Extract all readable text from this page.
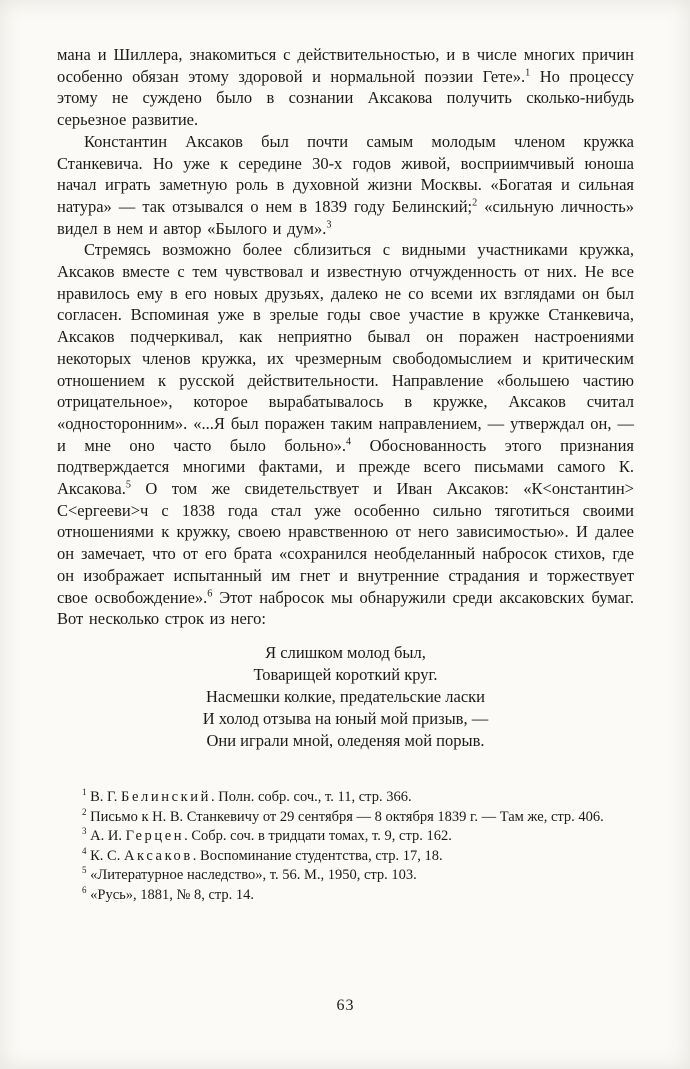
мана и Шиллера, знакомиться с действительностью, и в числе многих причин особенно обязан этому здоровой и нормальной поэзии Гете».$^1$ Но процессу этому не суждено было в сознании Аксакова получить сколько-нибудь серьезное развитие.

Константин Аксаков был почти самым молодым членом кружка Станкевича. Но уже к середине 30-х годов живой, восприимчивый юноша начал играть заметную роль в духовной жизни Москвы. «Богатая и сильная натура» — так отзывался о нем в 1839 году Белинский;$^2$ «сильную личность» видел в нем и автор «Былого и дум».$^3$

Стремясь возможно более сблизиться с видными участниками кружка, Аксаков вместе с тем чувствовал и известную отчужденность от них. Не все нравилось ему в его новых друзьях, далеко не со всеми их взглядами он был согласен. Вспоминая уже в зрелые годы свое участие в кружке Станкевича, Аксаков подчеркивал, как неприятно бывал он поражен настроениями некоторых членов кружка, их чрезмерным свободомыслием и критическим отношением к русской действительности. Направление «большею частию отрицательное», которое вырабатывалось в кружке, Аксаков считал «односторонним». «...Я был поражен таким направлением, — утверждал он, — и мне оно часто было больно».$^4$ Обоснованность этого признания подтверждается многими фактами, и прежде всего письмами самого К. Аксакова.$^5$ О том же свидетельствует и Иван Аксаков: «К<онстантин> С<ергееви>ч с 1838 года стал уже особенно сильно тяготиться своими отношениями к кружку, своею нравственною от него зависимостью». И далее он замечает, что от его брата «сохранился необделанный набросок стихов, где он изображает испытанный им гнет и внутренние страдания и торжествует свое освобождение».$^6$ Этот набросок мы обнаружили среди аксаковских бумаг. Вот несколько строк из него:

Я слишком молод был,
Товарищей короткий круг.
Насмешки колкие, предательские ласки
И холод отзыва на юный мой призыв, —
Они играли мной, оледеняя мой порыв.

$^1$ В. Г. Белинский. Полн. собр. соч., т. 11, стр. 366.

$^2$ Письмо к Н. В. Станкевичу от 29 сентября — 8 октября 1839 г. — Там же, стр. 406.

$^3$ А. И. Герцен. Собр. соч. в тридцати томах, т. 9, стр. 162.

$^4$ К. С. Аксаков. Воспоминание студентства, стр. 17, 18.

$^5$ «Литературное наследство», т. 56. М., 1950, стр. 103.

$^6$ «Русь», 1881, № 8, стр. 14.

63
